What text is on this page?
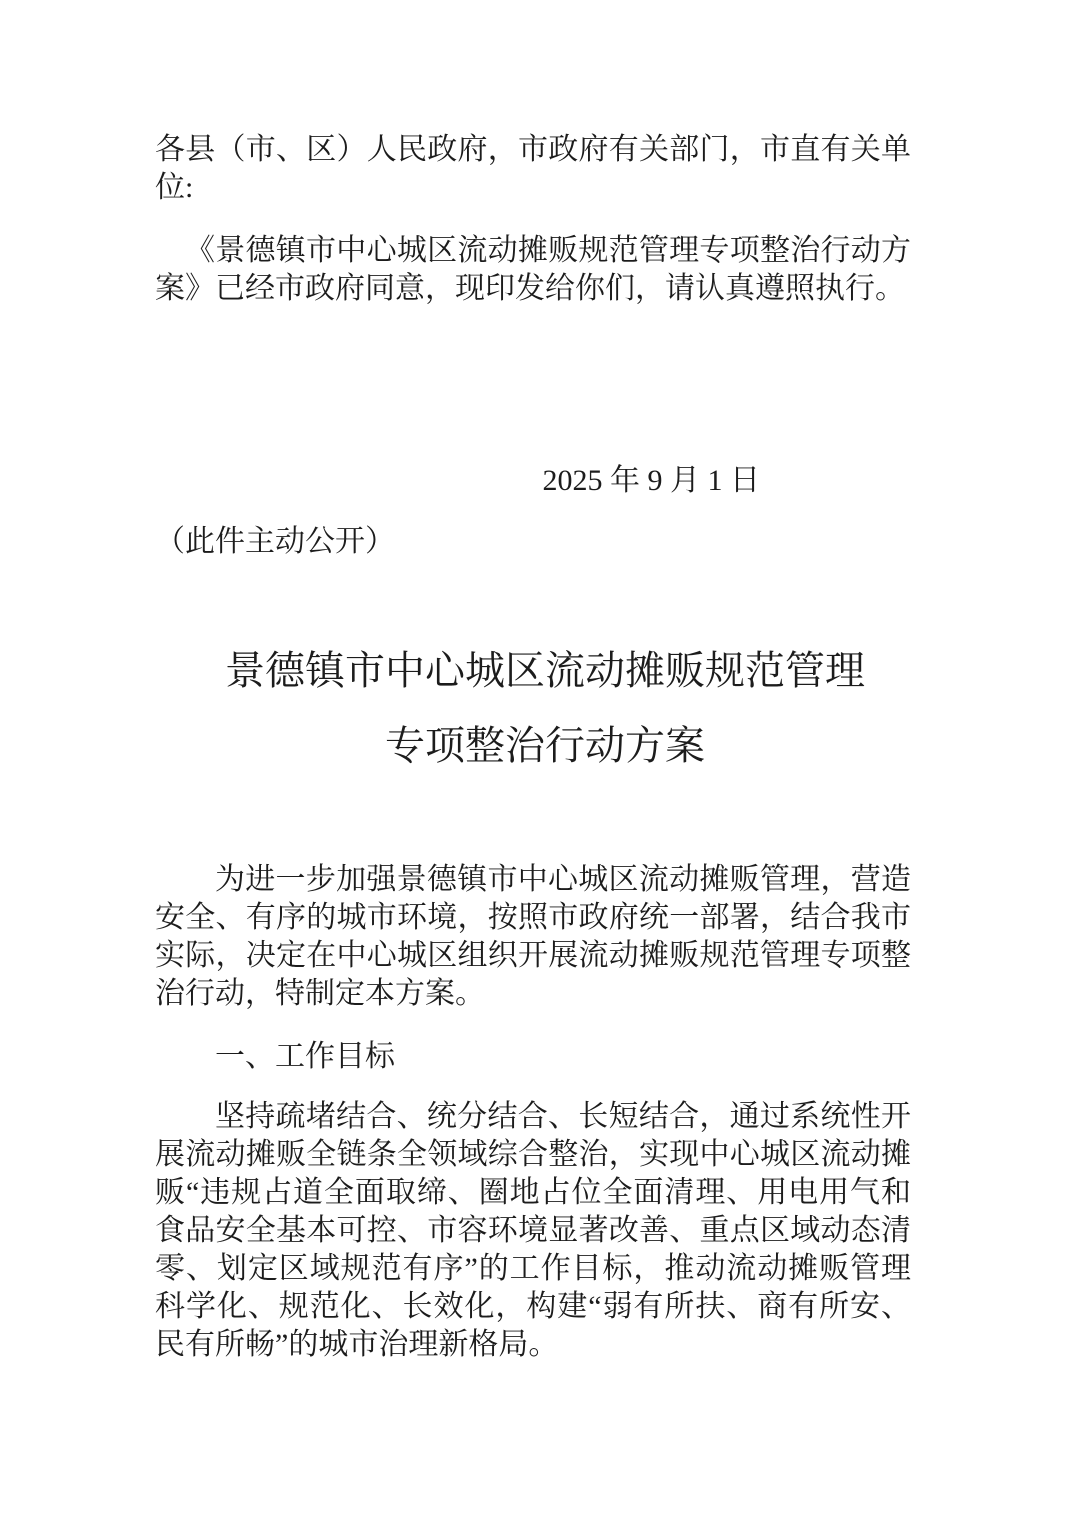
各县（市、区）人民政府，市政府有关部门，市直有关单位:

《景德镇市中心城区流动摊贩规范管理专项整治行动方案》已经市政府同意，现印发给你们，请认真遵照执行。

2025 年 9 月 1 日

（此件主动公开）

景德镇市中心城区流动摊贩规范管理
专项整治行动方案

为进一步加强景德镇市中心城区流动摊贩管理，营造安全、有序的城市环境，按照市政府统一部署，结合我市实际，决定在中心城区组织开展流动摊贩规范管理专项整治行动，特制定本方案。

一、工作目标

坚持疏堵结合、统分结合、长短结合，通过系统性开展流动摊贩全链条全领域综合整治，实现中心城区流动摊贩“违规占道全面取缔、圈地占位全面清理、用电用气和食品安全基本可控、市容环境显著改善、重点区域动态清零、划定区域规范有序”的工作目标，推动流动摊贩管理科学化、规范化、长效化，构建“弱有所扶、商有所安、民有所畅”的城市治理新格局。
